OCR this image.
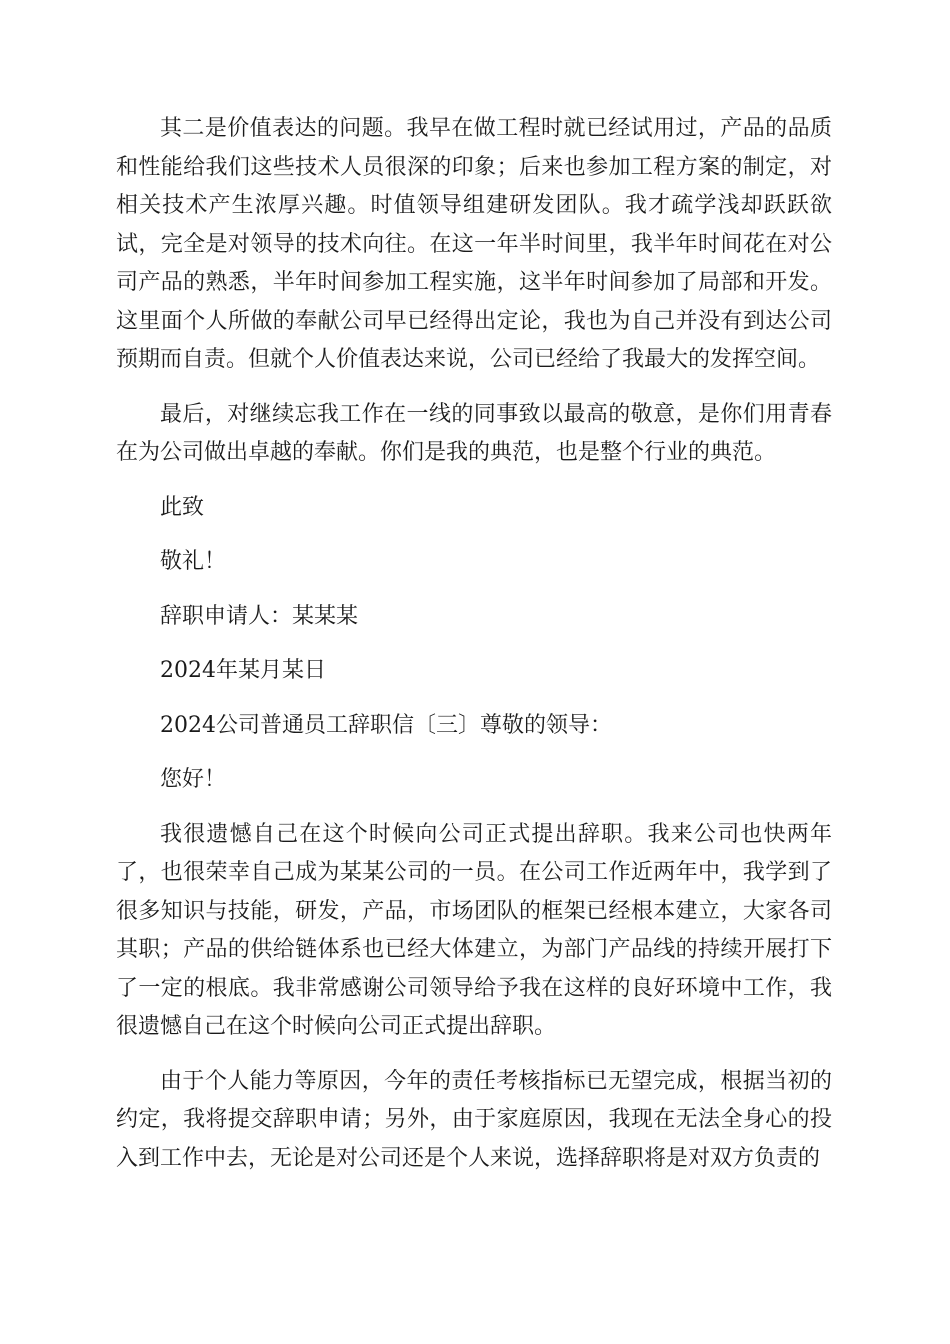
其二是价值表达的问题。我早在做工程时就已经试用过，产品的品质和性能给我们这些技术人员很深的印象；后来也参加工程方案的制定，对相关技术产生浓厚兴趣。时值领导组建研发团队。我才疏学浅却跃跃欲试，完全是对领导的技术向往。在这一年半时间里，我半年时间花在对公司产品的熟悉，半年时间参加工程实施，这半年时间参加了局部和开发。这里面个人所做的奉献公司早已经得出定论，我也为自己并没有到达公司预期而自责。但就个人价值表达来说，公司已经给了我最大的发挥空间。

最后，对继续忘我工作在一线的同事致以最高的敬意，是你们用青春在为公司做出卓越的奉献。你们是我的典范，也是整个行业的典范。

此致

敬礼！

辞职申请人：某某某

2024年某月某日

2024公司普通员工辞职信〔三〕尊敬的领导：

您好！

我很遗憾自己在这个时候向公司正式提出辞职。我来公司也快两年了，也很荣幸自己成为某某公司的一员。在公司工作近两年中，我学到了很多知识与技能，研发，产品，市场团队的框架已经根本建立，大家各司其职；产品的供给链体系也已经大体建立，为部门产品线的持续开展打下了一定的根底。我非常感谢公司领导给予我在这样的良好环境中工作，我很遗憾自己在这个时候向公司正式提出辞职。

由于个人能力等原因，今年的责任考核指标已无望完成，根据当初的约定，我将提交辞职申请；另外，由于家庭原因，我现在无法全身心的投入到工作中去，无论是对公司还是个人来说，选择辞职将是对双方负责的
